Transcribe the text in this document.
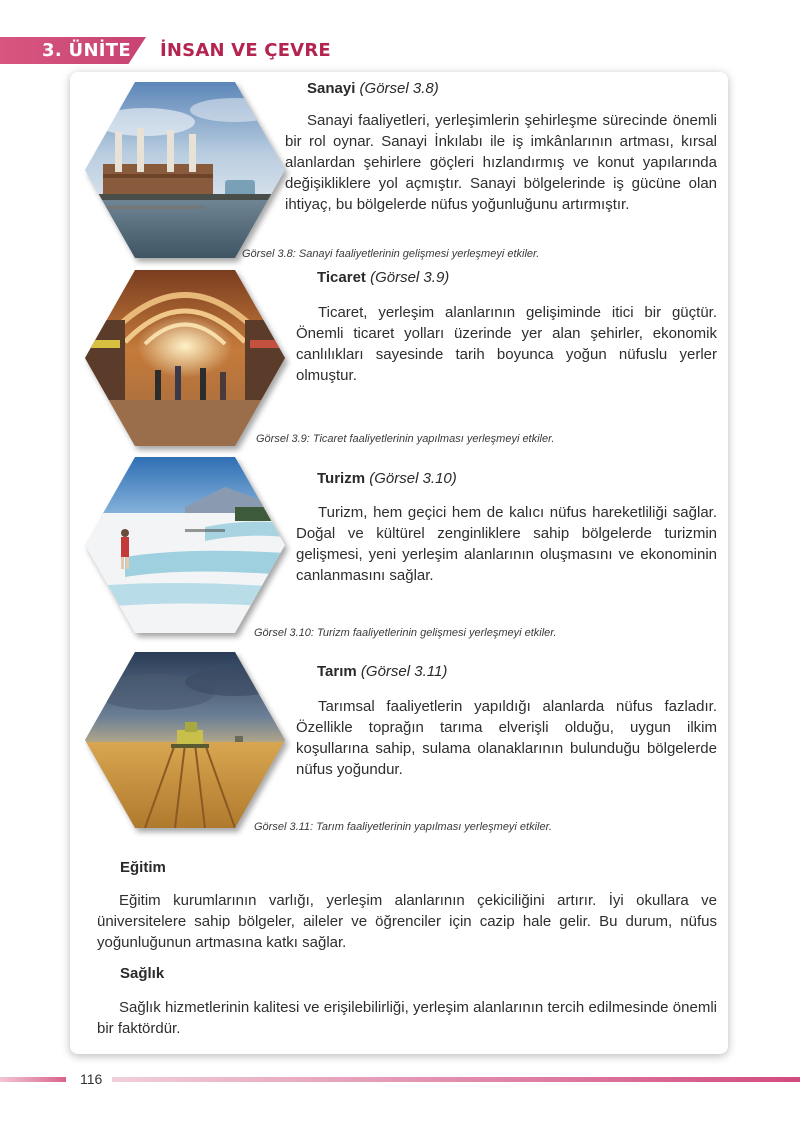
3. ÜNİTE İNSAN VE ÇEVRE
Sanayi (Görsel 3.8)
Sanayi faaliyetleri, yerleşimlerin şehirleşme sürecinde önemli bir rol oynar. Sanayi İnkılabı ile iş imkânlarının artması, kırsal alanlardan şehirlere göçleri hızlandırmış ve konut yapılarında değişikliklere yol açmıştır. Sanayi bölgelerinde iş gücüne olan ihtiyaç, bu bölgelerde nüfus yoğunluğunu artırmıştır.
Görsel 3.8: Sanayi faaliyetlerinin gelişmesi yerleşmeyi etkiler.
Ticaret (Görsel 3.9)
Ticaret, yerleşim alanlarının gelişiminde itici bir güçtür. Önemli ticaret yolları üzerinde yer alan şehirler, ekonomik canlılıkları sayesinde tarih boyunca yoğun nüfuslu yerler olmuştur.
Görsel 3.9: Ticaret faaliyetlerinin yapılması yerleşmeyi etkiler.
Turizm (Görsel 3.10)
Turizm, hem geçici hem de kalıcı nüfus hareketliliği sağlar. Doğal ve kültürel zenginliklere sahip bölgelerde turizmin gelişmesi, yeni yerleşim alanlarının oluşmasını ve ekonominin canlanmasını sağlar.
Görsel 3.10: Turizm faaliyetlerinin gelişmesi yerleşmeyi etkiler.
Tarım (Görsel 3.11)
Tarımsal faaliyetlerin yapıldığı alanlarda nüfus fazladır. Özellikle toprağın tarıma elverişli olduğu, uygun ilkim koşullarına sahip, sulama olanaklarının bulunduğu bölgelerde nüfus yoğundur.
Görsel 3.11: Tarım faaliyetlerinin yapılması yerleşmeyi etkiler.
Eğitim
Eğitim kurumlarının varlığı, yerleşim alanlarının çekiciliğini artırır. İyi okullara ve üniversitelere sahip bölgeler, aileler ve öğrenciler için cazip hale gelir. Bu durum, nüfus yoğunluğunun artmasına katkı sağlar.
Sağlık
Sağlık hizmetlerinin kalitesi ve erişilebilirliği, yerleşim alanlarının tercih edilmesinde önemli bir faktördür.
116
